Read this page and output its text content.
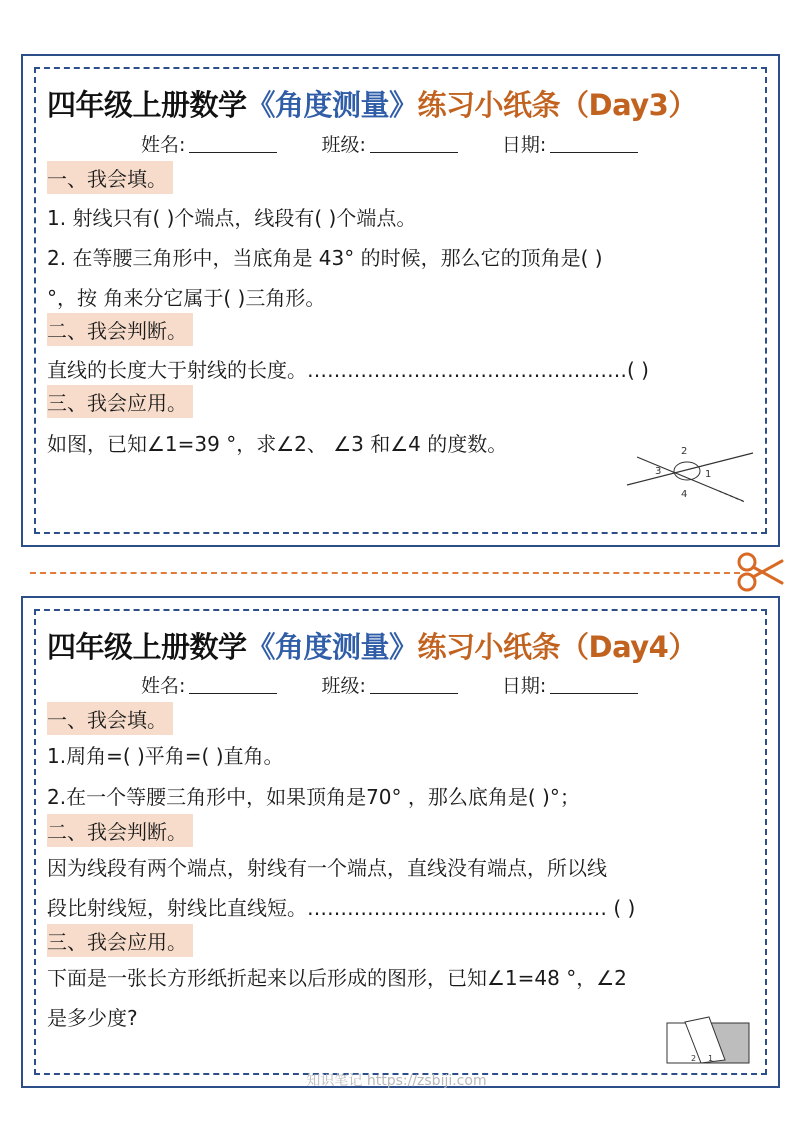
四年级上册数学《角度测量》练习小纸条（Day3）
姓名:	班级:	日期:
一、我会填。
1. 射线只有( )个端点，线段有( )个端点。
2. 在等腰三角形中，当底角是 43° 的时候，那么它的顶角是( )
°，按 角来分它属于( )三角形。
二、我会判断。
直线的长度大于射线的长度。…………………………………………( )
三、我会应用。
如图，已知∠1=39 °，求∠2、 ∠3 和∠4 的度数。	2
3	1
4
四年级上册数学《角度测量》练习小纸条（Day4）
姓名:	班级:	日期:
一、我会填。
1.周角=( )平角=( )直角。
2.在一个等腰三角形中，如果顶角是70° ，那么底角是( )°；
二、我会判断。
因为线段有两个端点，射线有一个端点，直线没有端点，所以线
段比射线短，射线比直线短。……………………………………… ( )
三、我会应用。
下面是一张长方形纸折起来以后形成的图形，已知∠1=48 °，∠2
是多少度?
2 1
知识笔记 https://zsbiji.com
